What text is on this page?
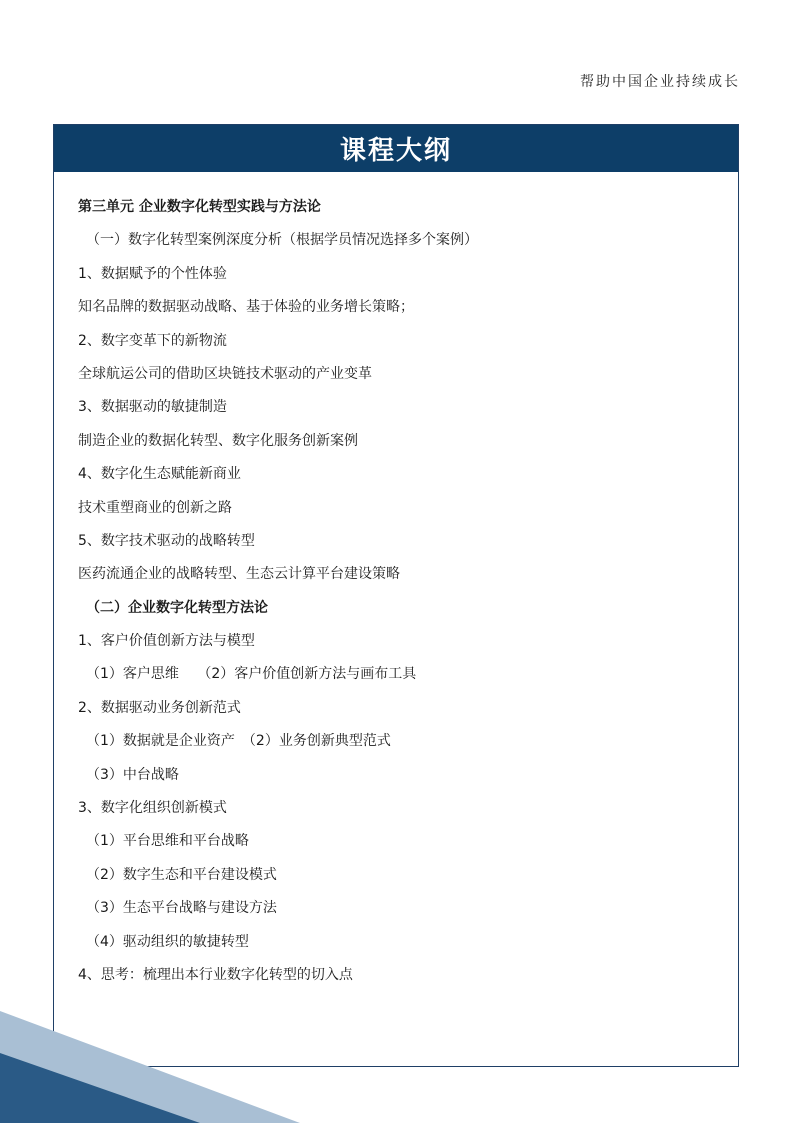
帮助中国企业持续成长
课程大纲
第三单元 企业数字化转型实践与方法论
（一）数字化转型案例深度分析（根据学员情况选择多个案例）
1、数据赋予的个性体验
知名品牌的数据驱动战略、基于体验的业务增长策略；
2、数字变革下的新物流
全球航运公司的借助区块链技术驱动的产业变革
3、数据驱动的敏捷制造
制造企业的数据化转型、数字化服务创新案例
4、数字化生态赋能新商业
技术重塑商业的创新之路
5、数字技术驱动的战略转型
医药流通企业的战略转型、生态云计算平台建设策略
（二）企业数字化转型方法论
1、客户价值创新方法与模型
（1）客户思维　 （2）客户价值创新方法与画布工具
2、数据驱动业务创新范式
（1）数据就是企业资产　（2）业务创新典型范式
（3）中台战略
3、数字化组织创新模式
（1）平台思维和平台战略
（2）数字生态和平台建设模式
（3）生态平台战略与建设方法
（4）驱动组织的敏捷转型
4、思考：梳理出本行业数字化转型的切入点
